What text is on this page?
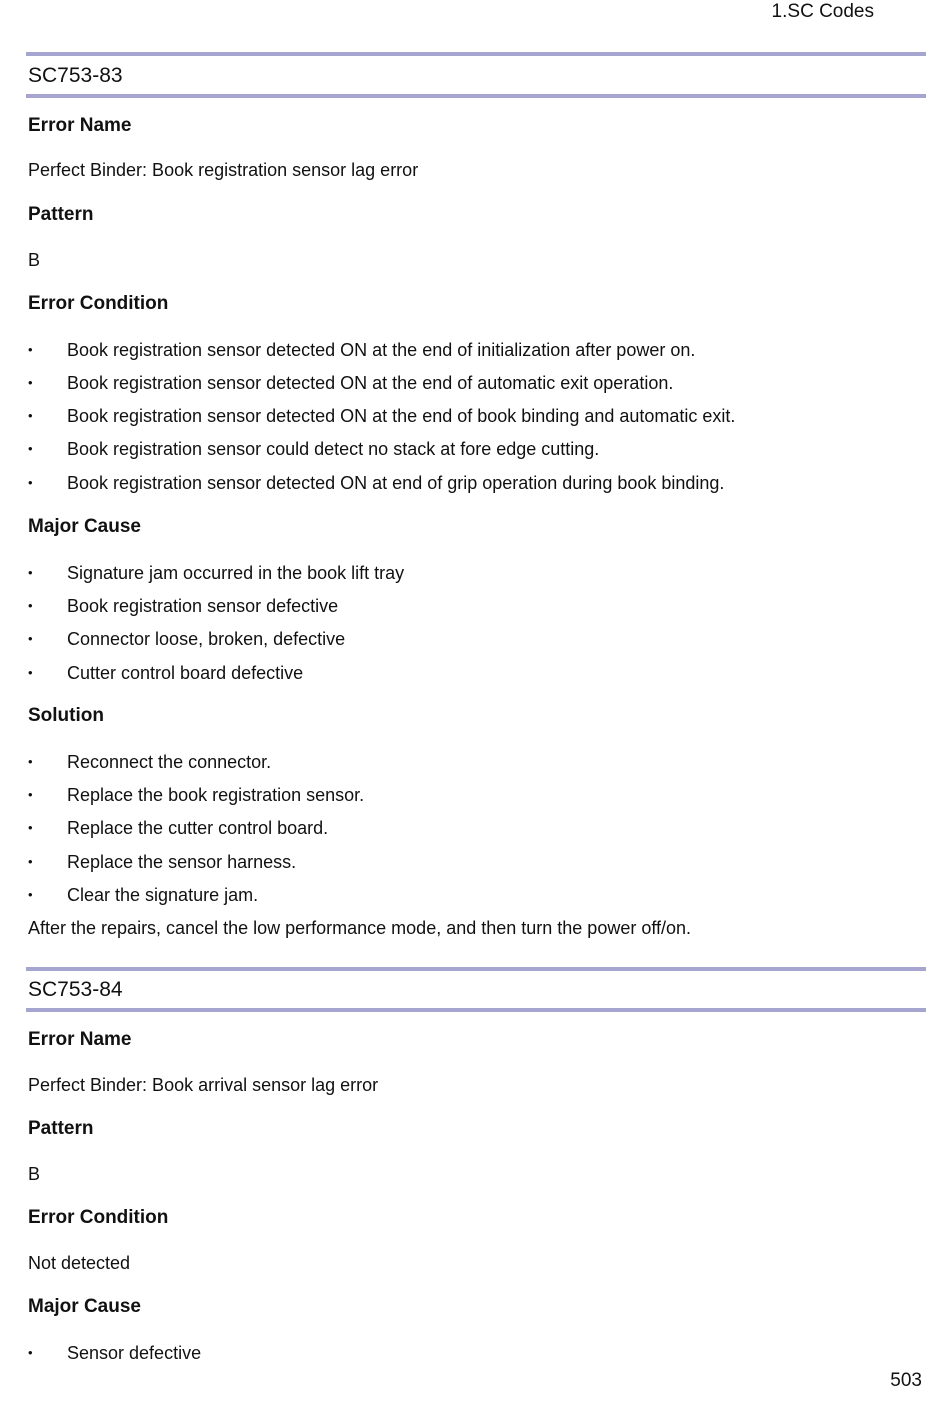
1.SC Codes
SC753-83
Error Name
Perfect Binder: Book registration sensor lag error
Pattern
B
Error Condition
• Book registration sensor detected ON at the end of initialization after power on.
• Book registration sensor detected ON at the end of automatic exit operation.
• Book registration sensor detected ON at the end of book binding and automatic exit.
• Book registration sensor could detect no stack at fore edge cutting.
• Book registration sensor detected ON at end of grip operation during book binding.
Major Cause
• Signature jam occurred in the book lift tray
• Book registration sensor defective
• Connector loose, broken, defective
• Cutter control board defective
Solution
• Reconnect the connector.
• Replace the book registration sensor.
• Replace the cutter control board.
• Replace the sensor harness.
• Clear the signature jam.
After the repairs, cancel the low performance mode, and then turn the power off/on.
SC753-84
Error Name
Perfect Binder: Book arrival sensor lag error
Pattern
B
Error Condition
Not detected
Major Cause
• Sensor defective
503
